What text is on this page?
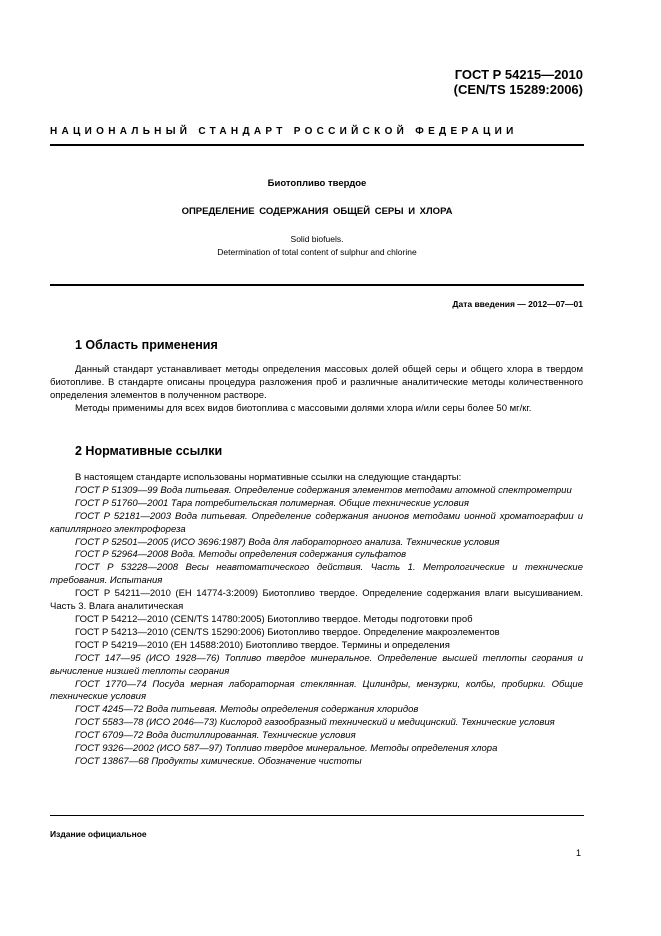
ГОСТ Р 54215—2010
(CEN/TS 15289:2006)
НАЦИОНАЛЬНЫЙ СТАНДАРТ РОССИЙСКОЙ ФЕДЕРАЦИИ
Биотопливо твердое
ОПРЕДЕЛЕНИЕ СОДЕРЖАНИЯ ОБЩЕЙ СЕРЫ И ХЛОРА
Solid biofuels.
Determination of total content of sulphur and chlorine
Дата введения — 2012—07—01
1 Область применения

Данный стандарт устанавливает методы определения массовых долей общей серы и общего хлора в твердом биотопливе. В стандарте описаны процедура разложения проб и различные аналитические методы количественного определения элементов в полученном растворе.

Методы применимы для всех видов биотоплива с массовыми долями хлора и/или серы более 50 мг/кг.

2 Нормативные ссылки

В настоящем стандарте использованы нормативные ссылки на следующие стандарты:

ГОСТ Р 51309—99 Вода питьевая. Определение содержания элементов методами атомной спектрометрии

ГОСТ Р 51760—2001 Тара потребительская полимерная. Общие технические условия

ГОСТ Р 52181—2003 Вода питьевая. Определение содержания анионов методами ионной хроматографии и капиллярного электрофореза

ГОСТ Р 52501—2005 (ИСО 3696:1987) Вода для лабораторного анализа. Технические условия

ГОСТ Р 52964—2008 Вода. Методы определения содержания сульфатов

ГОСТ Р 53228—2008 Весы неавтоматического действия. Часть 1. Метрологические и технические требования. Испытания

ГОСТ Р 54211—2010 (ЕН 14774-3:2009) Биотопливо твердое. Определение содержания влаги высушиванием. Часть 3. Влага аналитическая

ГОСТ Р 54212—2010 (CEN/TS 14780:2005) Биотопливо твердое. Методы подготовки проб

ГОСТ Р 54213—2010 (CEN/TS 15290:2006) Биотопливо твердое. Определение макроэлементов

ГОСТ Р 54219—2010 (ЕН 14588:2010) Биотопливо твердое. Термины и определения

ГОСТ 147—95 (ИСО 1928—76) Топливо твердое минеральное. Определение высшей теплоты сгорания и вычисление низшей теплоты сгорания

ГОСТ 1770—74 Посуда мерная лабораторная стеклянная. Цилиндры, мензурки, колбы, пробирки. Общие технические условия

ГОСТ 4245—72 Вода питьевая. Методы определения содержания хлоридов

ГОСТ 5583—78 (ИСО 2046—73) Кислород газообразный технический и медицинский. Технические условия

ГОСТ 6709—72 Вода дистиллированная. Технические условия

ГОСТ 9326—2002 (ИСО 587—97) Топливо твердое минеральное. Методы определения хлора

ГОСТ 13867—68 Продукты химические. Обозначение чистоты

Издание официальное
1
